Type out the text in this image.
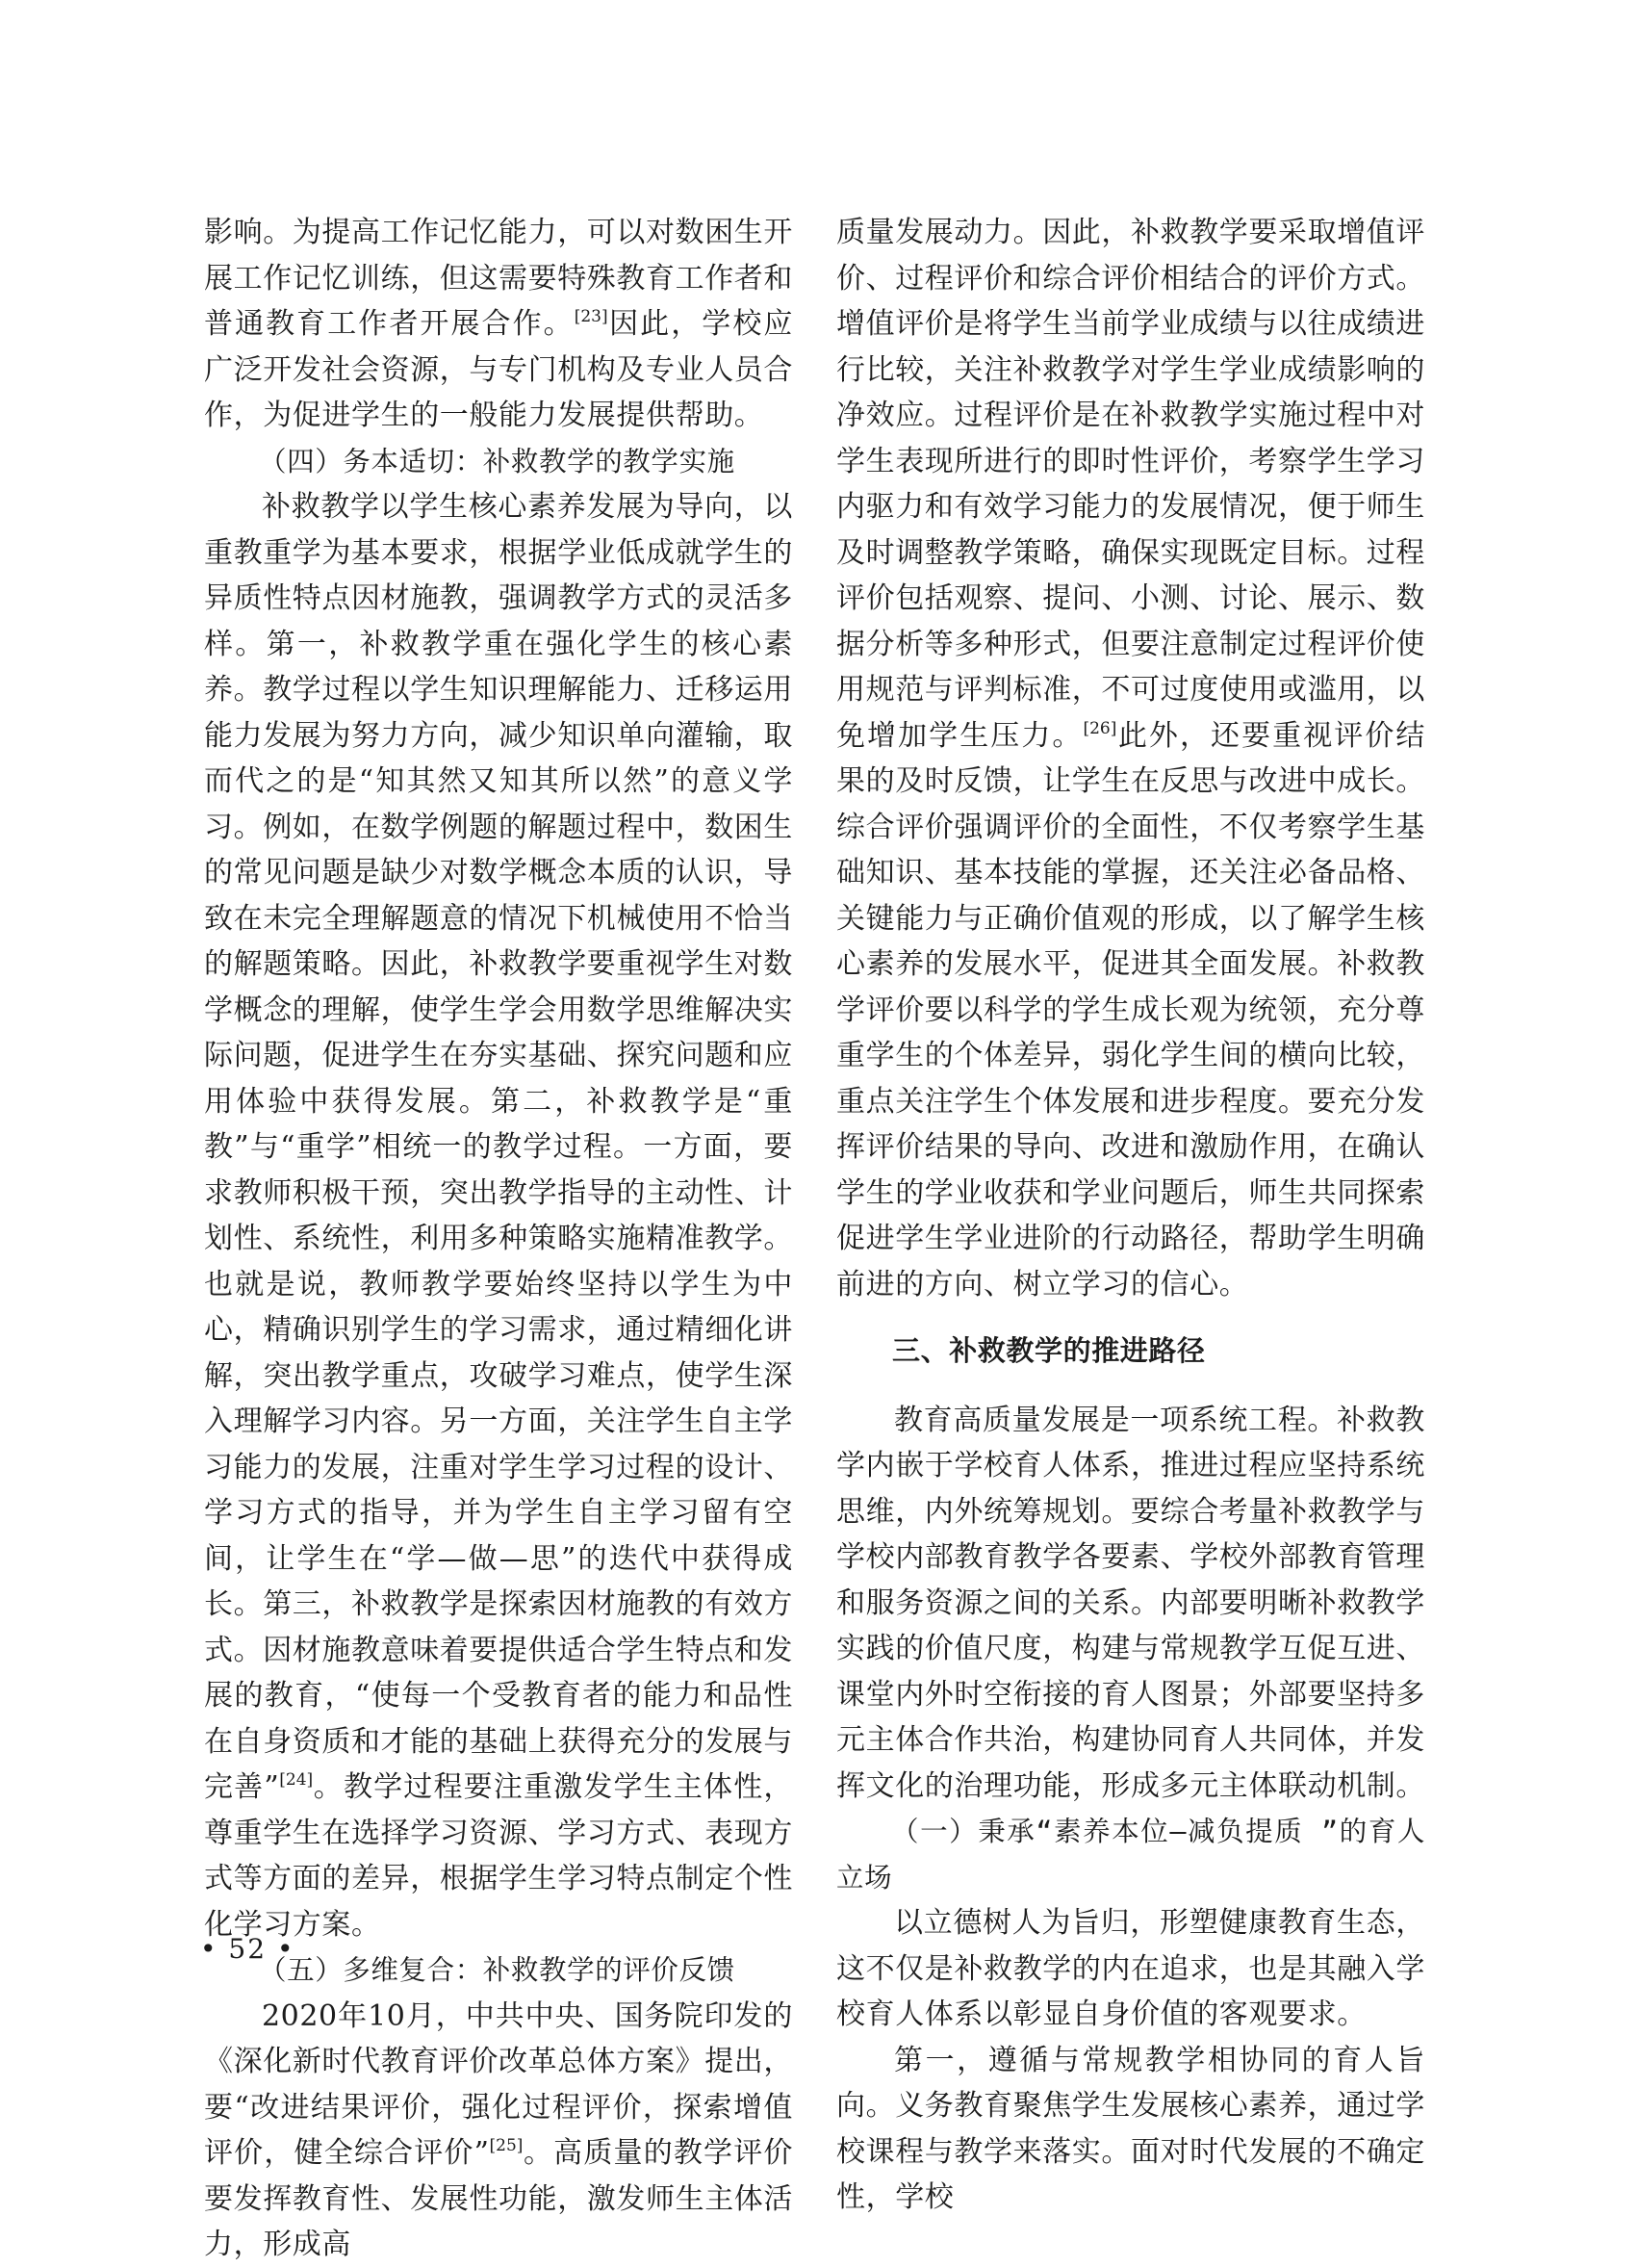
影响。为提高工作记忆能力，可以对数困生开展工作记忆训练，但这需要特殊教育工作者和普通教育工作者开展合作。[23]因此，学校应广泛开发社会资源，与专门机构及专业人员合作，为促进学生的一般能力发展提供帮助。

（四）务本适切：补救教学的教学实施

补救教学以学生核心素养发展为导向，以重教重学为基本要求，根据学业低成就学生的异质性特点因材施教，强调教学方式的灵活多样。第一，补救教学重在强化学生的核心素养。教学过程以学生知识理解能力、迁移运用能力发展为努力方向，减少知识单向灌输，取而代之的是“知其然又知其所以然”的意义学习。例如，在数学例题的解题过程中，数困生的常见问题是缺少对数学概念本质的认识，导致在未完全理解题意的情况下机械使用不恰当的解题策略。因此，补救教学要重视学生对数学概念的理解，使学生学会用数学思维解决实际问题，促进学生在夯实基础、探究问题和应用体验中获得发展。第二，补救教学是“重教”与“重学”相统一的教学过程。一方面，要求教师积极干预，突出教学指导的主动性、计划性、系统性，利用多种策略实施精准教学。也就是说，教师教学要始终坚持以学生为中心，精确识别学生的学习需求，通过精细化讲解，突出教学重点，攻破学习难点，使学生深入理解学习内容。另一方面，关注学生自主学习能力的发展，注重对学生学习过程的设计、学习方式的指导，并为学生自主学习留有空间，让学生在“学—做—思”的迭代中获得成长。第三，补救教学是探索因材施教的有效方式。因材施教意味着要提供适合学生特点和发展的教育，“使每一个受教育者的能力和品性在自身资质和才能的基础上获得充分的发展与完善”[24]。教学过程要注重激发学生主体性，尊重学生在选择学习资源、学习方式、表现方式等方面的差异，根据学生学习特点制定个性化学习方案。

（五）多维复合：补救教学的评价反馈

2020年10月，中共中央、国务院印发的《深化新时代教育评价改革总体方案》提出，要“改进结果评价，强化过程评价，探索增值评价，健全综合评价”[25]。高质量的教学评价要发挥教育性、发展性功能，激发师生主体活力，形成高

质量发展动力。因此，补救教学要采取增值评价、过程评价和综合评价相结合的评价方式。增值评价是将学生当前学业成绩与以往成绩进行比较，关注补救教学对学生学业成绩影响的净效应。过程评价是在补救教学实施过程中对学生表现所进行的即时性评价，考察学生学习内驱力和有效学习能力的发展情况，便于师生及时调整教学策略，确保实现既定目标。过程评价包括观察、提问、小测、讨论、展示、数据分析等多种形式，但要注意制定过程评价使用规范与评判标准，不可过度使用或滥用，以免增加学生压力。[26]此外，还要重视评价结果的及时反馈，让学生在反思与改进中成长。综合评价强调评价的全面性，不仅考察学生基础知识、基本技能的掌握，还关注必备品格、关键能力与正确价值观的形成，以了解学生核心素养的发展水平，促进其全面发展。补救教学评价要以科学的学生成长观为统领，充分尊重学生的个体差异，弱化学生间的横向比较，重点关注学生个体发展和进步程度。要充分发挥评价结果的导向、改进和激励作用，在确认学生的学业收获和学业问题后，师生共同探索促进学生学业进阶的行动路径，帮助学生明确前进的方向、树立学习的信心。

三、补救教学的推进路径

教育高质量发展是一项系统工程。补救教学内嵌于学校育人体系，推进过程应坚持系统思维，内外统筹规划。要综合考量补救教学与学校内部教育教学各要素、学校外部教育管理和服务资源之间的关系。内部要明晰补救教学实践的价值尺度，构建与常规教学互促互进、课堂内外时空衔接的育人图景；外部要坚持多元主体合作共治，构建协同育人共同体，并发挥文化的治理功能，形成多元主体联动机制。

（一）秉承“素养本位—减负提质 ”的育人立场

以立德树人为旨归，形塑健康教育生态，这不仅是补救教学的内在追求，也是其融入学校育人体系以彰显自身价值的客观要求。

第一，遵循与常规教学相协同的育人旨向。义务教育聚焦学生发展核心素养，通过学校课程与教学来落实。面对时代发展的不确定性，学校

• 52 •
